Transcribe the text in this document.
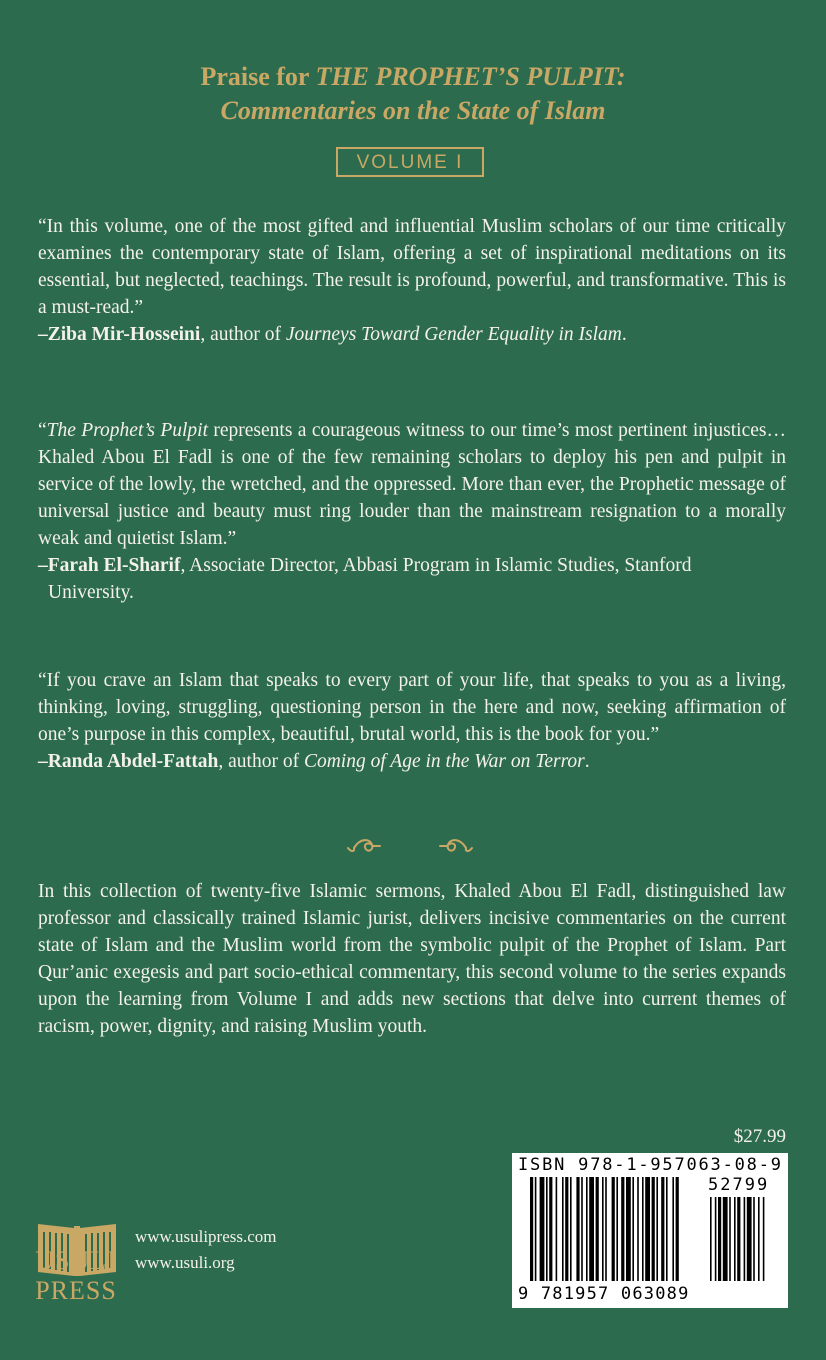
Praise for THE PROPHET’S PULPIT:
Commentaries on the State of Islam
VOLUME I

“In this volume, one of the most gifted and influential Muslim scholars of our time critically examines the contemporary state of Islam, offering a set of inspirational meditations on its essential, but neglected, teachings. The result is profound, powerful, and transformative. This is a must-read.”

–Ziba Mir-Hosseini, author of Journeys Toward Gender Equality in Islam.

“The Prophet’s Pulpit represents a courageous witness to our time’s most pertinent injustices…Khaled Abou El Fadl is one of the few remaining scholars to deploy his pen and pulpit in service of the lowly, the wretched, and the oppressed. More than ever, the Prophetic message of universal justice and beauty must ring louder than the mainstream resignation to a morally weak and quietist Islam.”

–Farah El-Sharif, Associate Director, Abbasi Program in Islamic Studies, Stanford
University.

“If you crave an Islam that speaks to every part of your life, that speaks to you as a living, thinking, loving, struggling, questioning person in the here and now, seeking affirmation of one’s purpose in this complex, beautiful, brutal world, this is the book for you.”

–Randa Abdel-Fattah, author of Coming of Age in the War on Terror.

In this collection of twenty-five Islamic sermons, Khaled Abou El Fadl, distinguished law professor and classically trained Islamic jurist, delivers incisive commentaries on the current state of Islam and the Muslim world from the symbolic pulpit of the Prophet of Islam. Part Qur’anic exegesis and part socio-ethical commentary, this second volume to the series expands upon the learning from Volume I and adds new sections that delve into current themes of racism, power, dignity, and raising Muslim youth.

$27.99
ISBN 978-1-957063-08-9
52799
9 781957 063089
USULI
PRESS
www.usulipress.com
www.usuli.org
